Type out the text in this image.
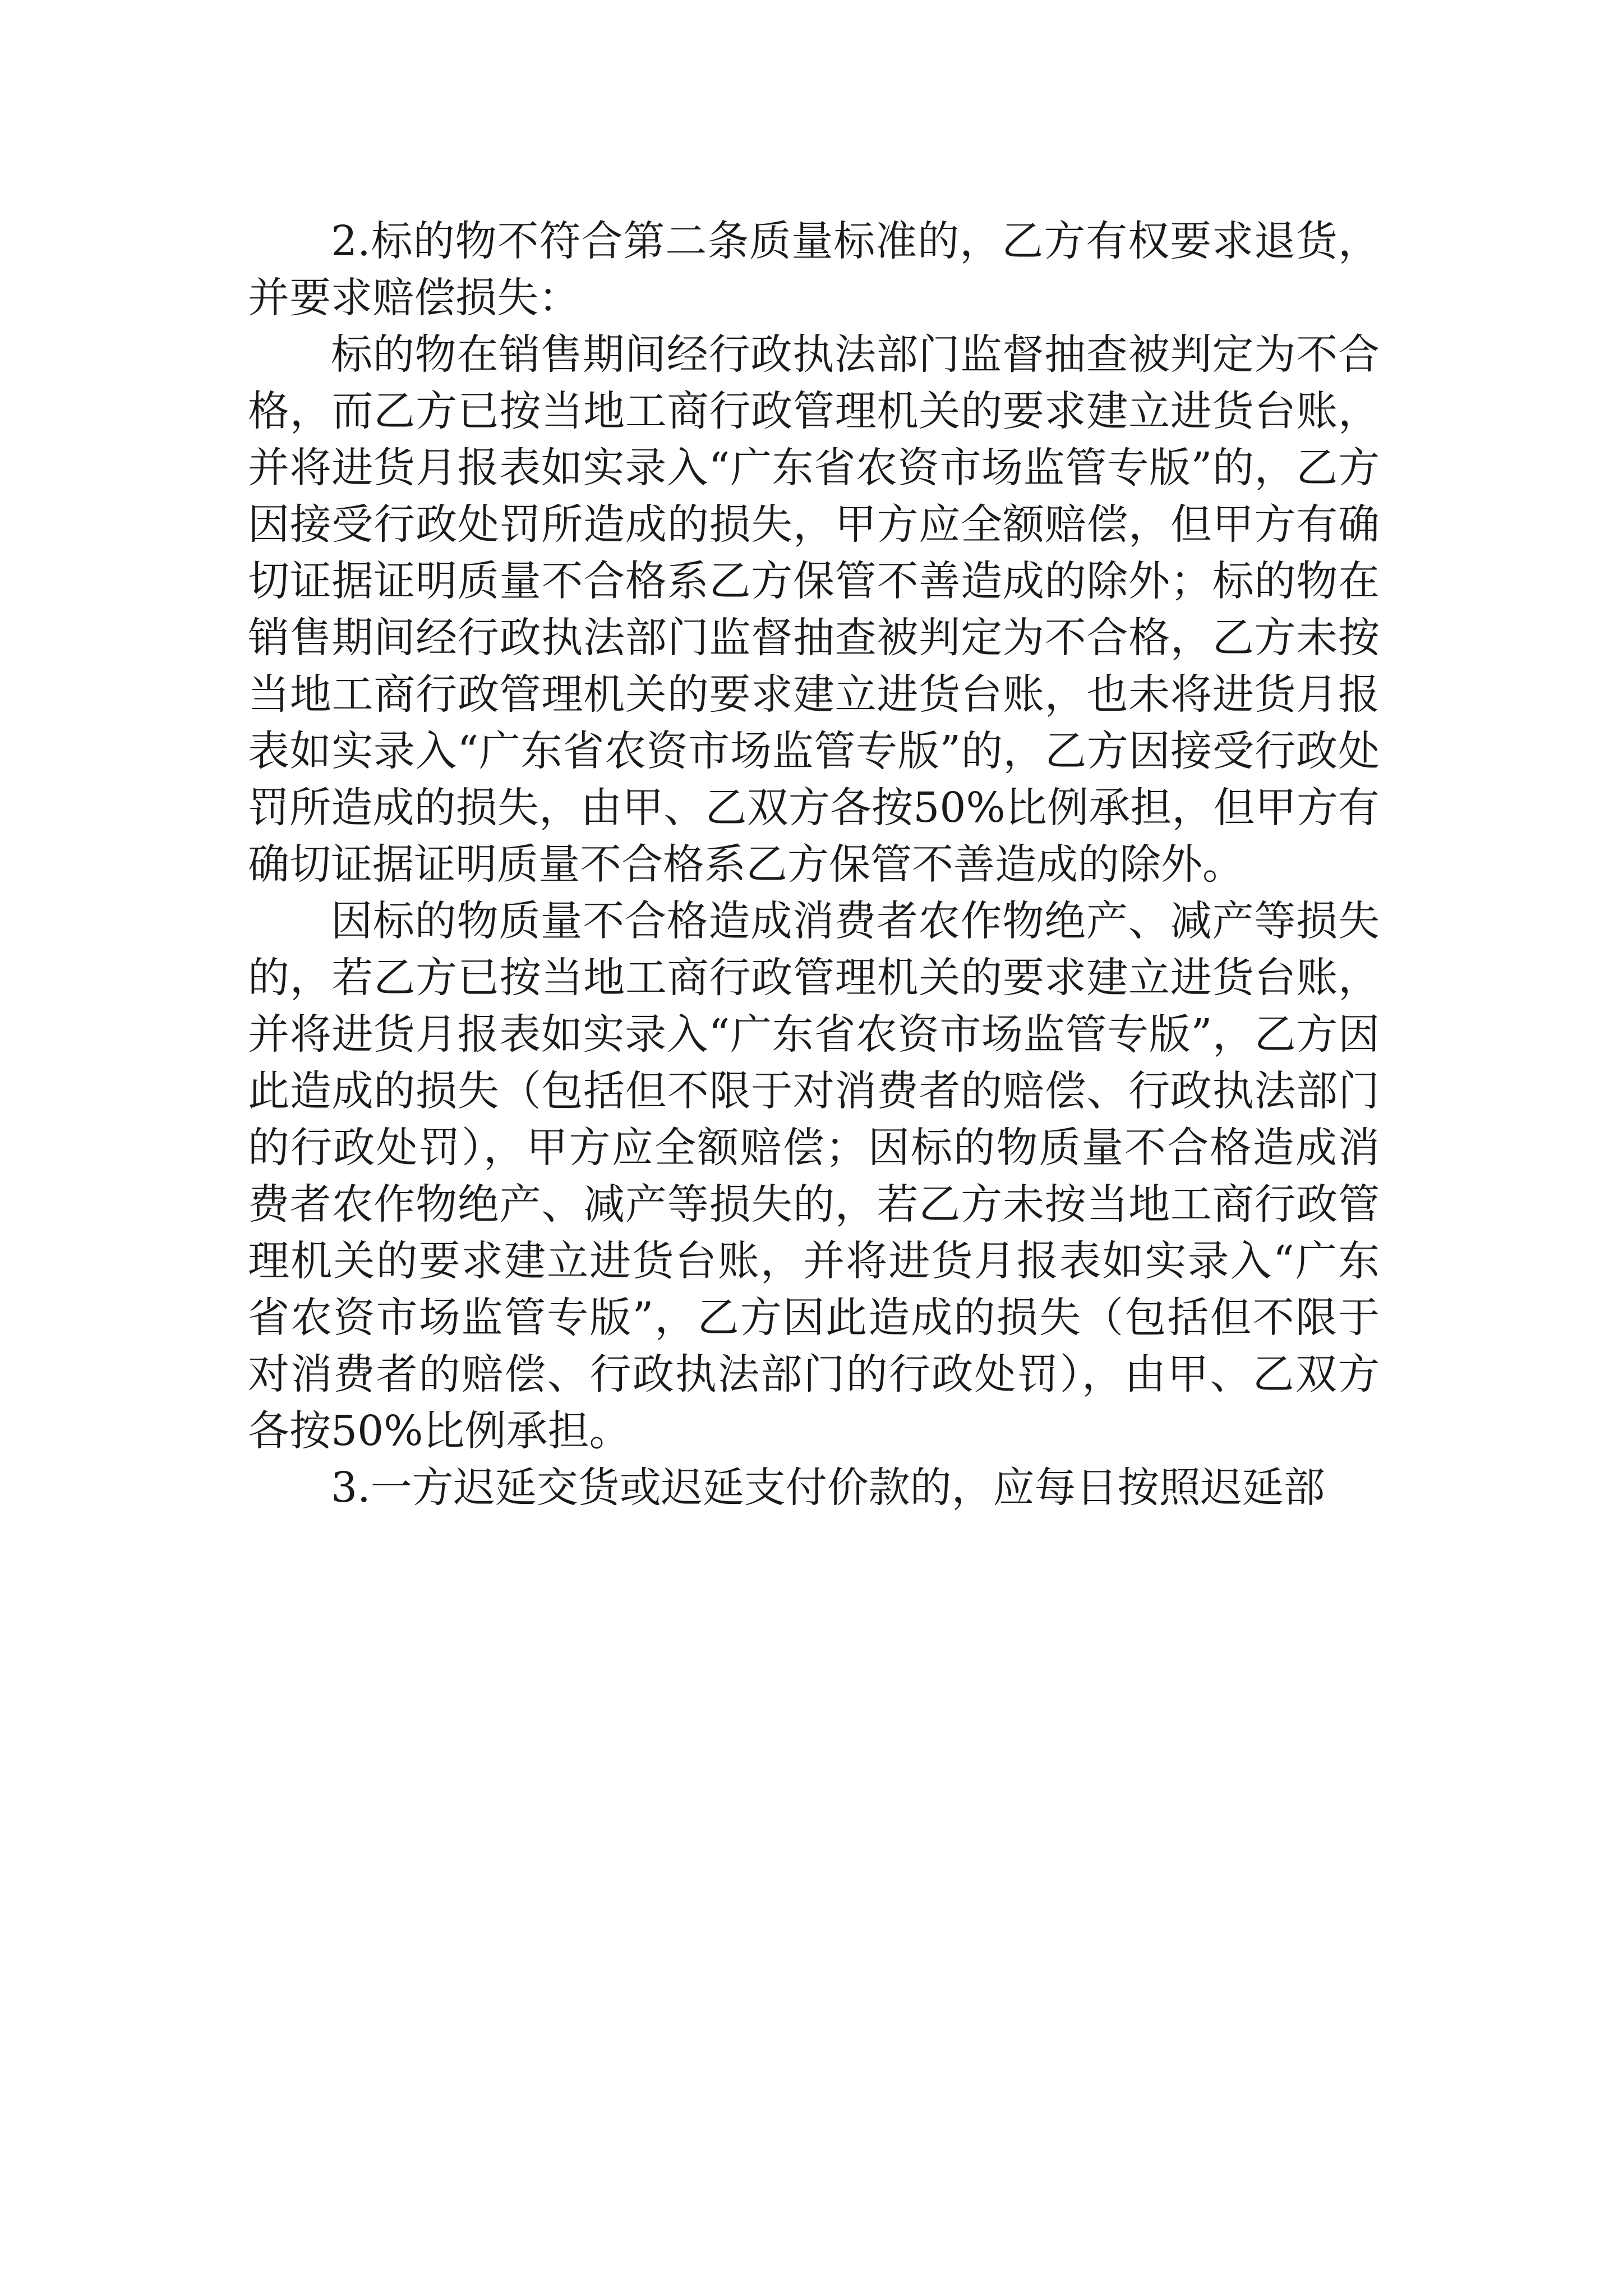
2.标的物不符合第二条质量标准的，乙方有权要求退货，并要求赔偿损失：

标的物在销售期间经行政执法部门监督抽查被判定为不合格，而乙方已按当地工商行政管理机关的要求建立进货台账，并将进货月报表如实录入“广东省农资市场监管专版”的，乙方因接受行政处罚所造成的损失，甲方应全额赔偿，但甲方有确切证据证明质量不合格系乙方保管不善造成的除外；标的物在销售期间经行政执法部门监督抽查被判定为不合格，乙方未按当地工商行政管理机关的要求建立进货台账，也未将进货月报表如实录入“广东省农资市场监管专版”的，乙方因接受行政处罚所造成的损失，由甲、乙双方各按50%比例承担，但甲方有确切证据证明质量不合格系乙方保管不善造成的除外。

因标的物质量不合格造成消费者农作物绝产、减产等损失的，若乙方已按当地工商行政管理机关的要求建立进货台账，并将进货月报表如实录入“广东省农资市场监管专版”，乙方因此造成的损失（包括但不限于对消费者的赔偿、行政执法部门的行政处罚），甲方应全额赔偿；因标的物质量不合格造成消费者农作物绝产、减产等损失的，若乙方未按当地工商行政管理机关的要求建立进货台账，并将进货月报表如实录入“广东省农资市场监管专版”，乙方因此造成的损失（包括但不限于对消费者的赔偿、行政执法部门的行政处罚），由甲、乙双方各按50%比例承担。

3.一方迟延交货或迟延支付价款的，应每日按照迟延部
